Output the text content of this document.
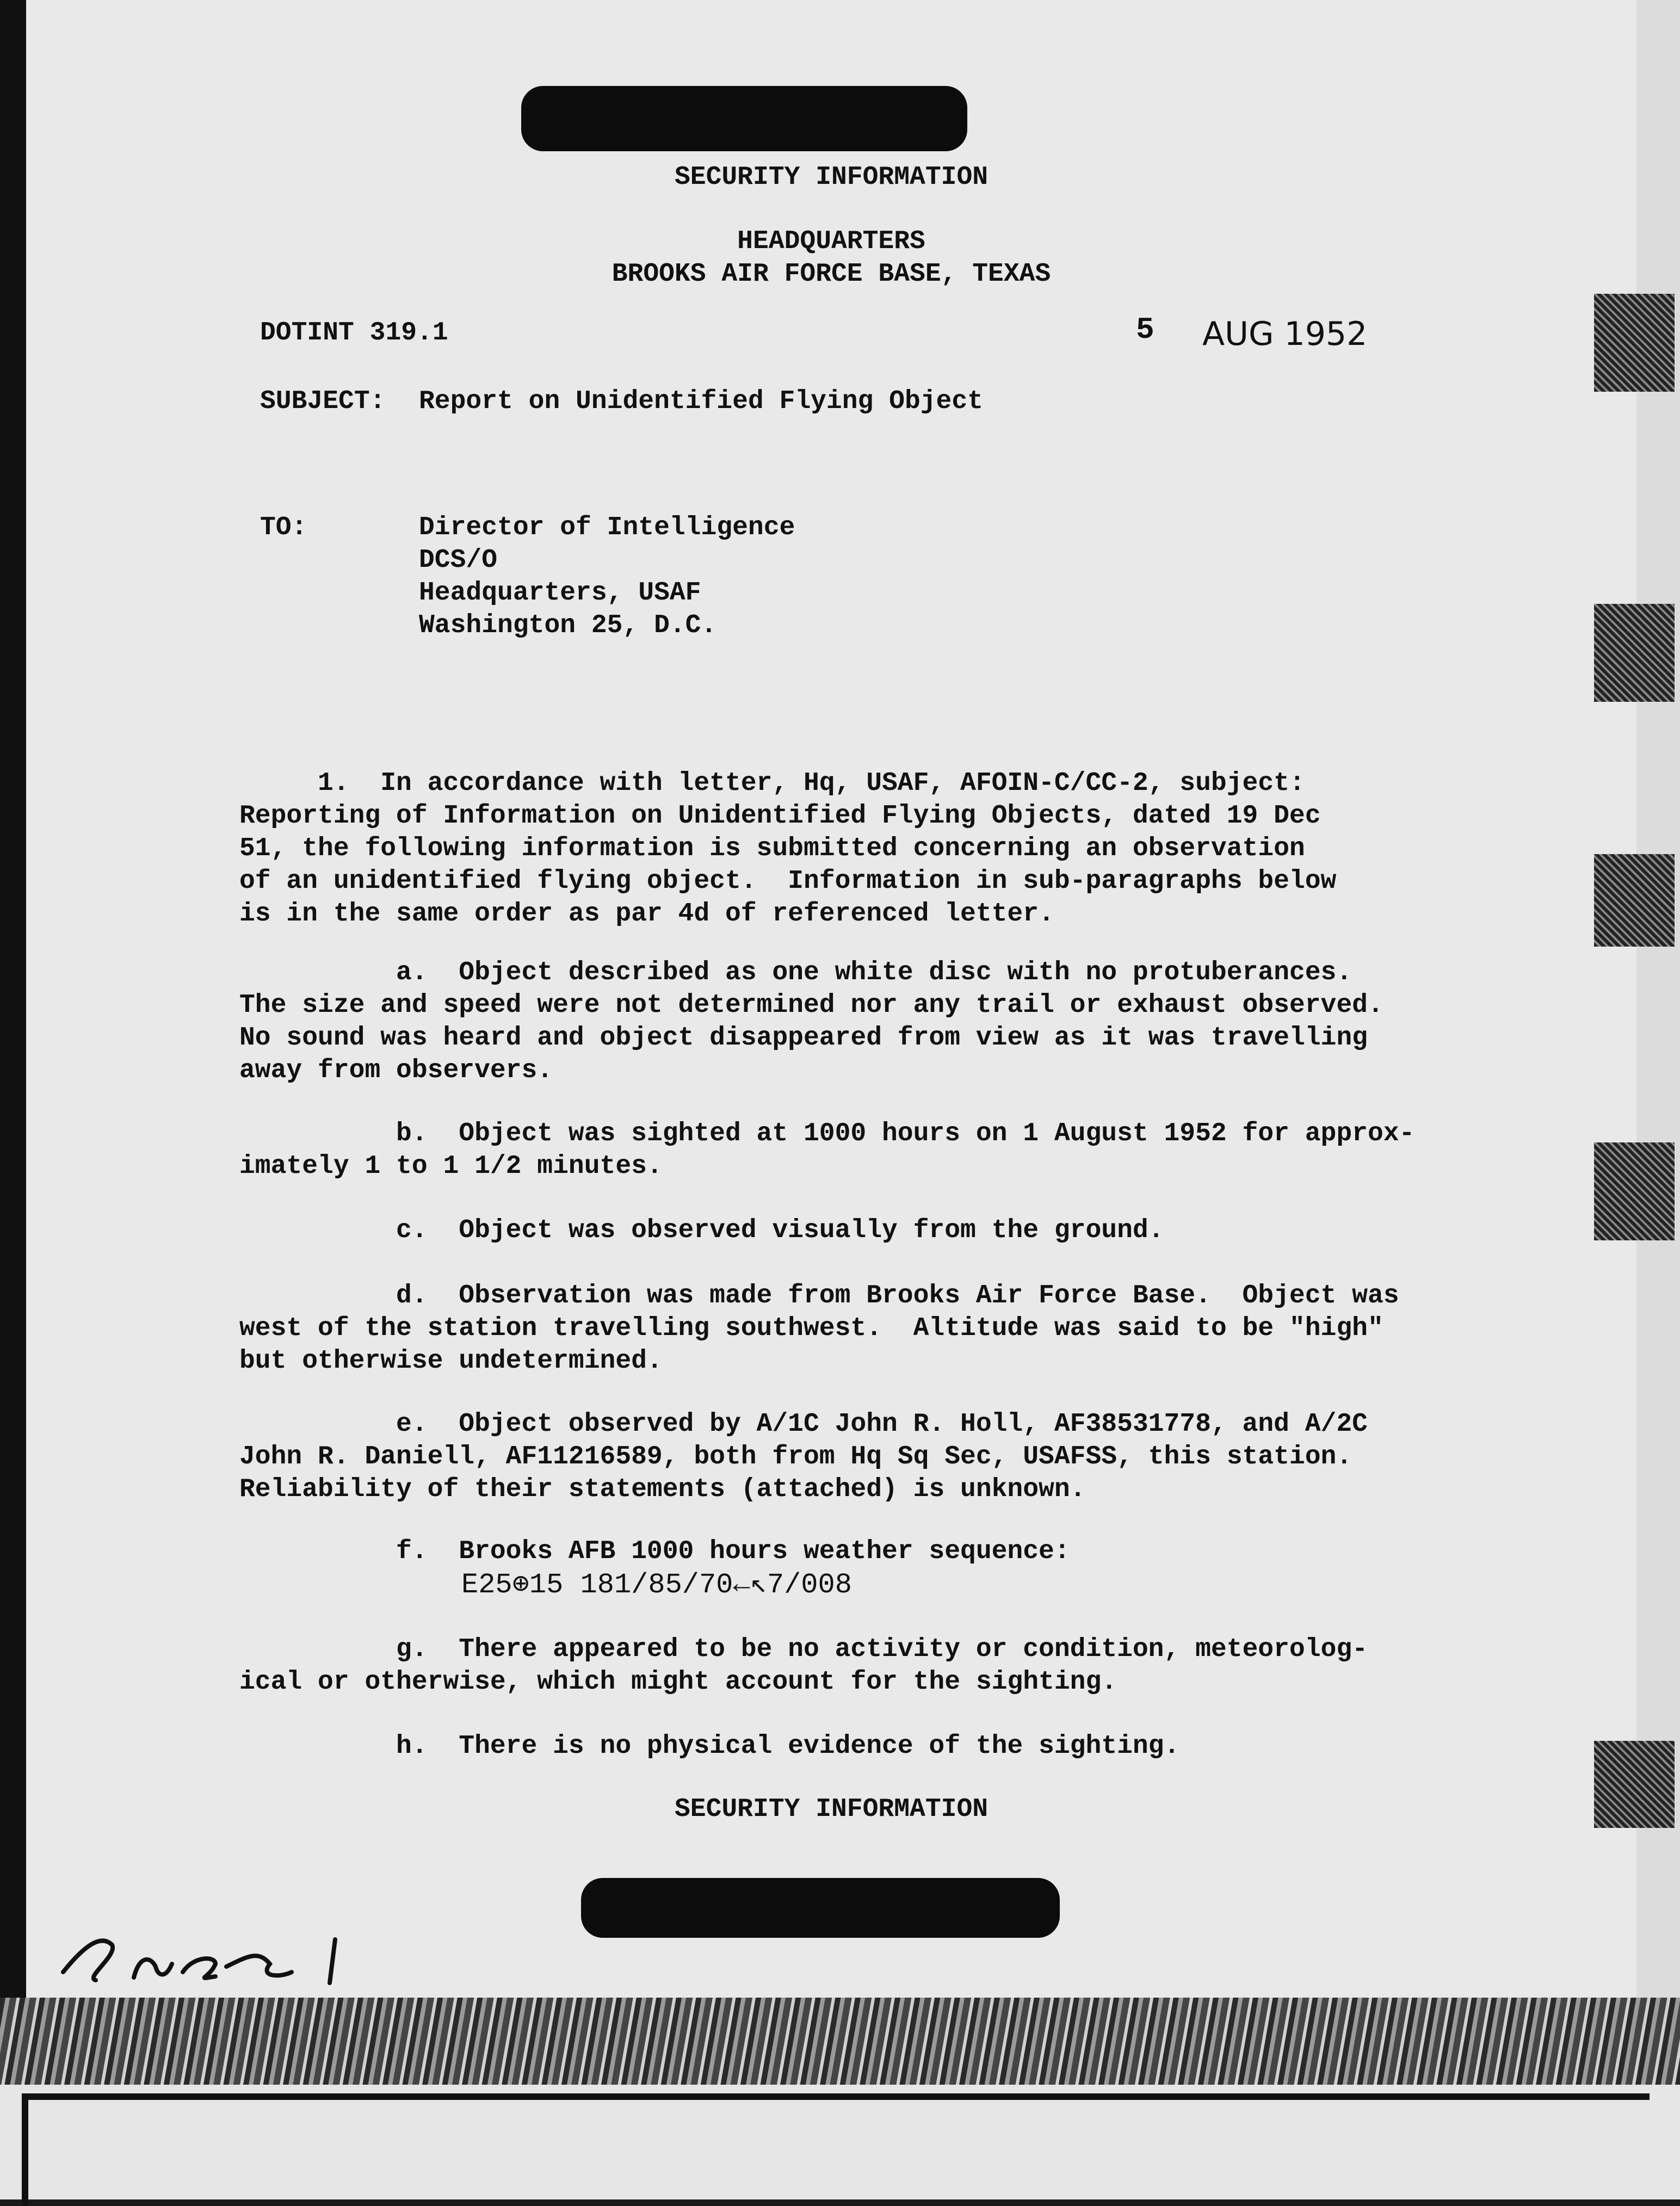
SECURITY INFORMATION

HEADQUARTERS

BROOKS AIR FORCE BASE, TEXAS

DOTINT 319.1	5 AUG 1952

SUBJECT: Report on Unidentified Flying Object

TO:	Director of Intelligence

DCS/O

Headquarters, USAF

Washington 25, D.C.

1.  In accordance with letter, Hq, USAF, AFOIN-C/CC-2, subject:

Reporting of Information on Unidentified Flying Objects, dated 19 Dec

51, the following information is submitted concerning an observation

of an unidentified flying object.  Information in sub-paragraphs below

is in the same order as par 4d of referenced letter.

a.  Object described as one white disc with no protuberances.

The size and speed were not determined nor any trail or exhaust observed.

No sound was heard and object disappeared from view as it was travelling

away from observers.

b.  Object was sighted at 1000 hours on 1 August 1952 for approx-

imately 1 to 1 1/2 minutes.

c.  Object was observed visually from the ground.

d.  Observation was made from Brooks Air Force Base.  Object was

west of the station travelling southwest.  Altitude was said to be "high"

but otherwise undetermined.

e.  Object observed by A/1C John R. Holl, AF38531778, and A/2C

John R. Daniell, AF11216589, both from Hq Sq Sec, USAFSS, this station.

Reliability of their statements (attached) is unknown.

f.  Brooks AFB 1000 hours weather sequence:

E25⊕15 181/85/70←↖7/008

g.  There appeared to be no activity or condition, meteorolog-

ical or otherwise, which might account for the sighting.

h.  There is no physical evidence of the sighting.

SECURITY INFORMATION

Incl 1
